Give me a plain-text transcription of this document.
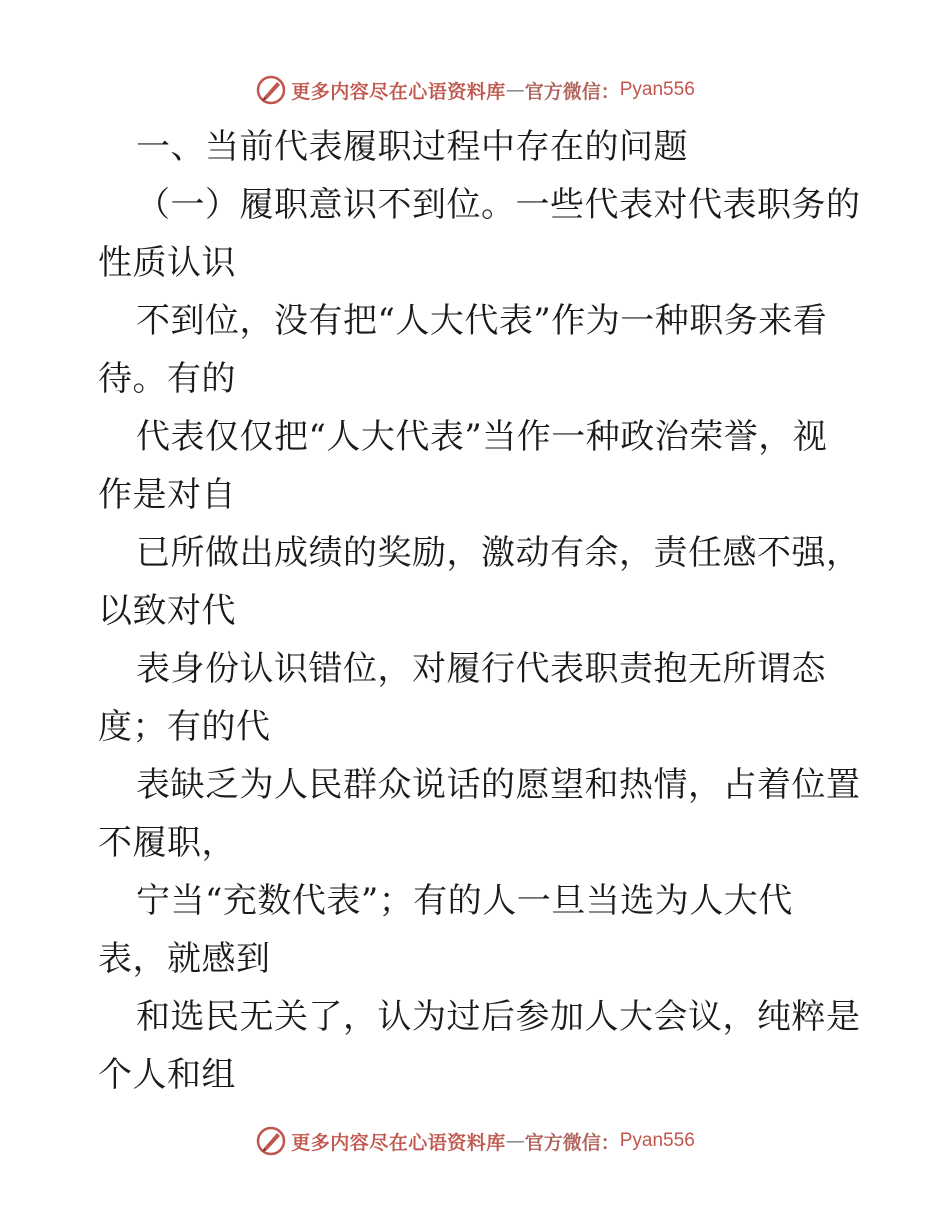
更多内容尽在心语资料库 — 官方微信： Pyan556
一、当前代表履职过程中存在的问题
（一）履职意识不到位。一些代表对代表职务的
性质认识
不到位，没有把“人大代表”作为一种职务来看
待。有的
代表仅仅把“人大代表”当作一种政治荣誉，视
作是对自
已所做出成绩的奖励，激动有余，责任感不强，
以致对代
表身份认识错位，对履行代表职责抱无所谓态
度；有的代
表缺乏为人民群众说话的愿望和热情，占着位置
不履职，
宁当“充数代表”；有的人一旦当选为人大代
表，就感到
和选民无关了，认为过后参加人大会议，纯粹是
个人和组
更多内容尽在心语资料库 — 官方微信： Pyan556
